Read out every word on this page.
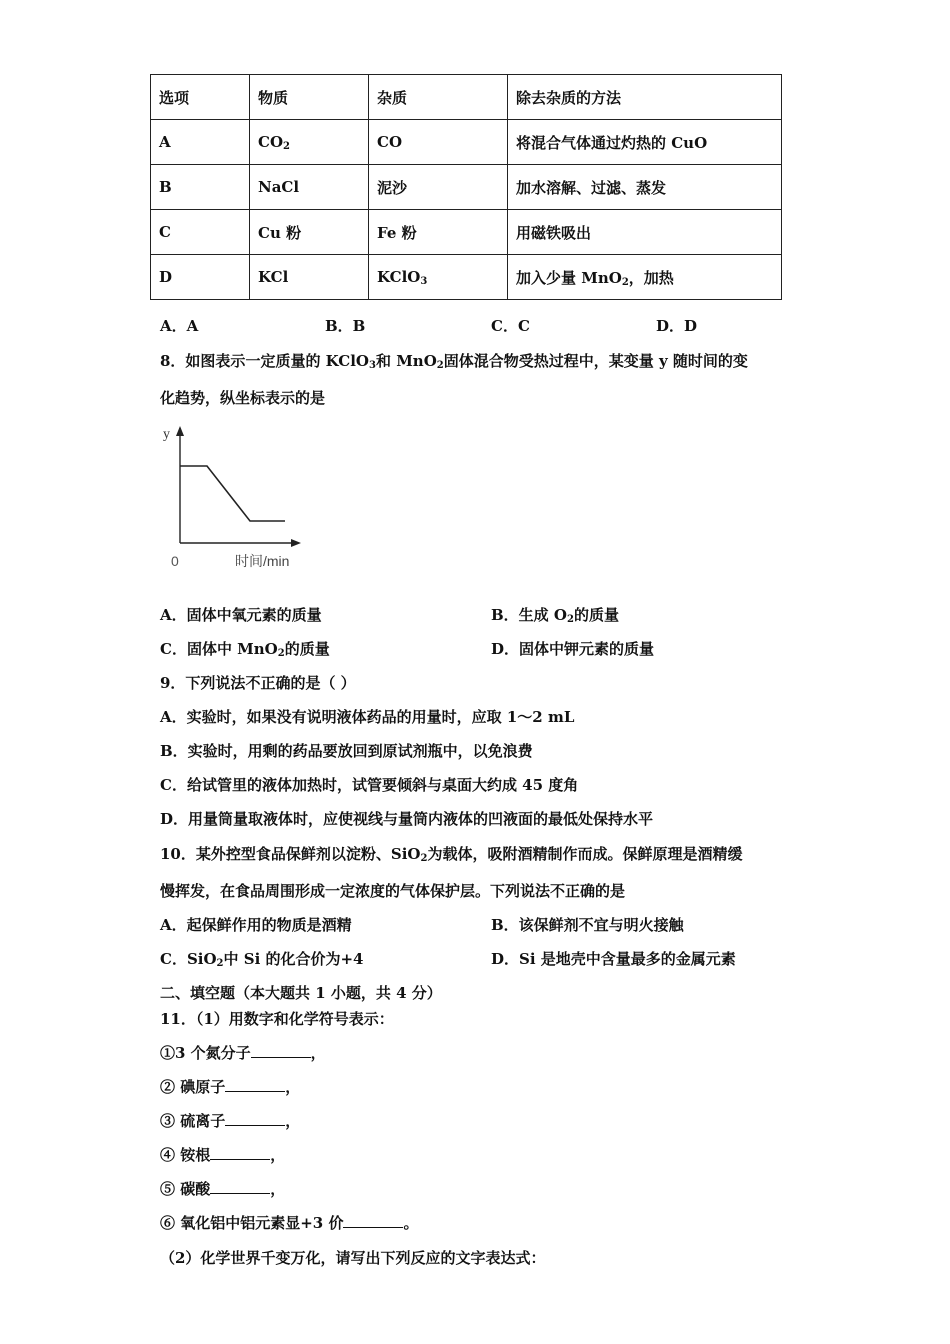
选项	物质	杂质	除去杂质的方法
A	$CO_2$	CO	将混合气体通过灼热的 CuO
B	NaCl	泥沙	加水溶解、过滤、蒸发
C	Cu 粉	Fe 粉	用磁铁吸出
D	KCl	KClO$_3$	加入少量 MnO$_2$，加热
A．A	B．B	C．C	D．D
8．如图表示一定质量的 KClO$_3$和 MnO$_2$固体混合物受热过程中，某变量 y 随时间的变
化趋势，纵坐标表示的是
y
0	时间/min
A．固体中氧元素的质量	B．生成 $O_2$的质量
C．固体中 MnO$_2$的质量	D．固体中钾元素的质量
9．下列说法不正确的是（ ）
A．实验时，如果没有说明液体药品的用量时，应取 1～2 mL
B．实验时，用剩的药品要放回到原试剂瓶中，以免浪费
C．给试管里的液体加热时，试管要倾斜与桌面大约成 45 度角
D．用量筒量取液体时，应使视线与量筒内液体的凹液面的最低处保持水平
10．某外控型食品保鲜剂以淀粉、SiO$_2$为载体，吸附酒精制作而成。保鲜原理是酒精缓
慢挥发，在食品周围形成一定浓度的气体保护层。下列说法不正确的是
A．起保鲜作用的物质是酒精	B．该保鲜剂不宜与明火接触
C．SiO$_2$中 Si 的化合价为+4	D．Si 是地壳中含量最多的金属元素
二、填空题（本大题共 1 小题，共 4 分）
11．（1）用数字和化学符号表示：
①3 个氮分子	，
② 碘原子	，
③ 硫离子	，
④ 铵根	，
⑤ 碳酸	，
⑥ 氧化铝中铝元素显+3 价	。
（2）化学世界千变万化，请写出下列反应的文字表达式：
